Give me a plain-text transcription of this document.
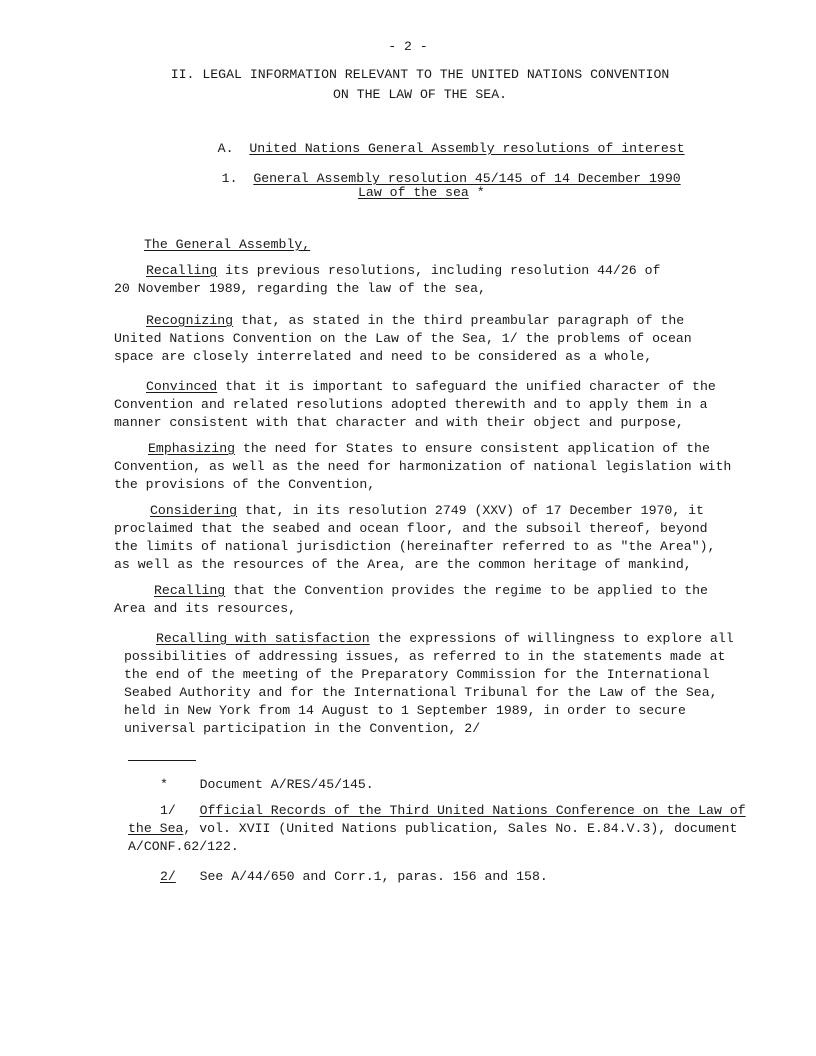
- 2 -
II. LEGAL INFORMATION RELEVANT TO THE UNITED NATIONS CONVENTION
ON THE LAW OF THE SEA.

A. United Nations General Assembly resolutions of interest

1. General Assembly resolution 45/145 of 14 December 1990

Law of the sea *
The General Assembly,
Recalling its previous resolutions, including resolution 44/26 of
20 November 1989, regarding the law of the sea,
Recognizing that, as stated in the third preambular paragraph of the
United Nations Convention on the Law of the Sea, 1/ the problems of ocean
space are closely interrelated and need to be considered as a whole,
Convinced that it is important to safeguard the unified character of the
Convention and related resolutions adopted therewith and to apply them in a
manner consistent with that character and with their object and purpose,
Emphasizing the need for States to ensure consistent application of the
Convention, as well as the need for harmonization of national legislation with
the provisions of the Convention,
Considering that, in its resolution 2749 (XXV) of 17 December 1970, it
proclaimed that the seabed and ocean floor, and the subsoil thereof, beyond
the limits of national jurisdiction (hereinafter referred to as "the Area"),
as well as the resources of the Area, are the common heritage of mankind,
Recalling that the Convention provides the regime to be applied to the
Area and its resources,
Recalling with satisfaction the expressions of willingness to explore all
possibilities of addressing issues, as referred to in the statements made at
the end of the meeting of the Preparatory Commission for the International
Seabed Authority and for the International Tribunal for the Law of the Sea,
held in New York from 14 August to 1 September 1989, in order to secure
universal participation in the Convention, 2/
* Document A/RES/45/145.
1/ Official Records of the Third United Nations Conference on the Law of
the Sea, vol. XVII (United Nations publication, Sales No. E.84.V.3), document
A/CONF.62/122.
2/ See A/44/650 and Corr.1, paras. 156 and 158.
